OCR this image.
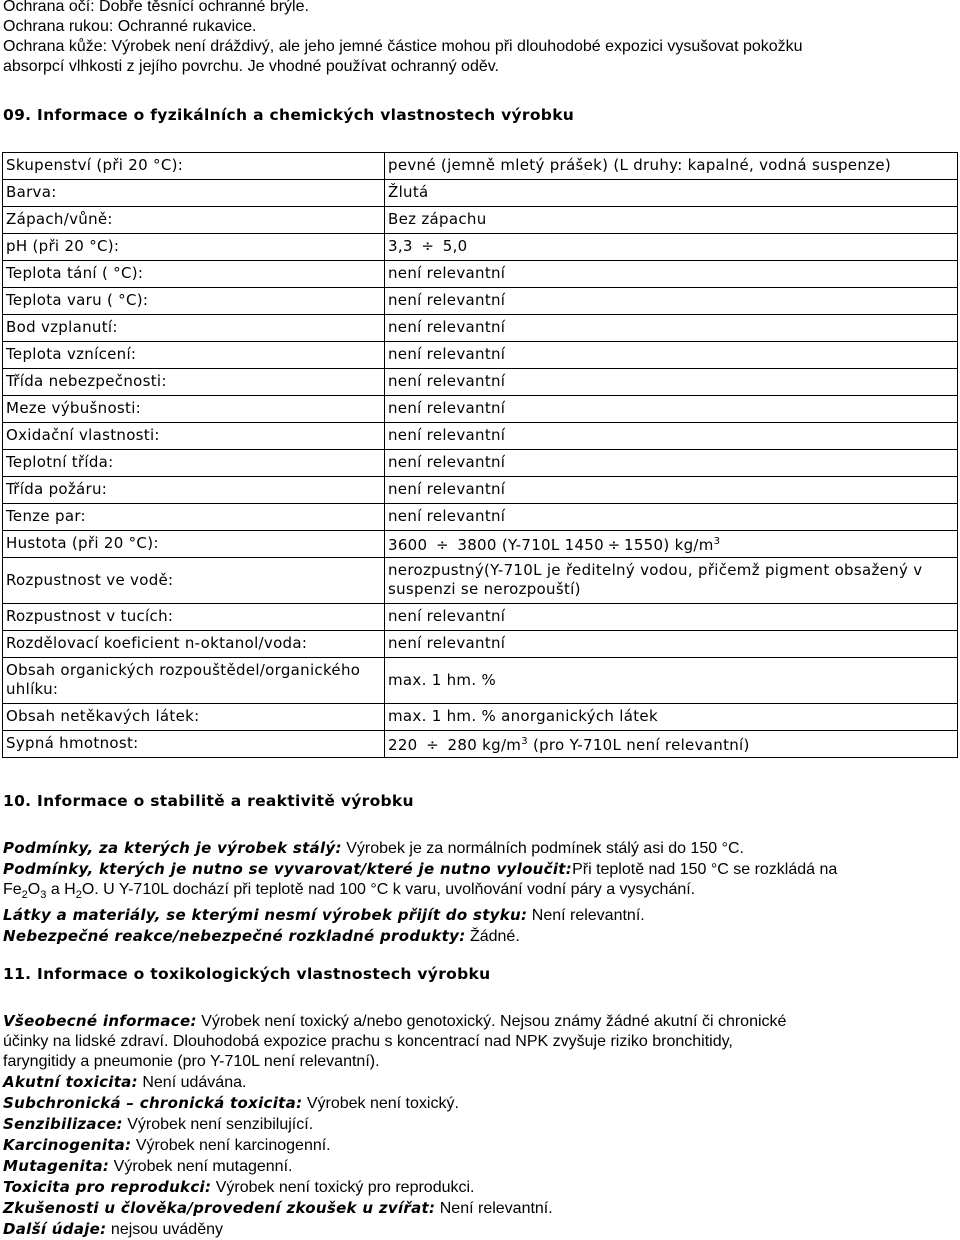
Ochrana očí: Dobře těsnící ochranné brýle.

Ochrana rukou: Ochranné rukavice.

Ochrana kůže: Výrobek není dráždivý, ale jeho jemné částice mohou při dlouhodobé expozici vysušovat pokožku

absorpcí vlhkosti z jejího povrchu. Je vhodné používat ochranný oděv.

09. Informace o fyzikálních a chemických vlastnostech výrobku
Skupenství (při 20 °C):	pevné (jemně mletý prášek) (L druhy: kapalné, vodná suspenze)
Barva:	Žlutá
Zápach/vůně:	Bez zápachu
pH (při 20 °C):	3,3 ÷ 5,0
Teplota tání ( °C):	není relevantní
Teplota varu ( °C):	není relevantní
Bod vzplanutí:	není relevantní
Teplota vznícení:	není relevantní
Třída nebezpečnosti:	není relevantní
Meze výbušnosti:	není relevantní
Oxidační vlastnosti:	není relevantní
Teplotní třída:	není relevantní
Třída požáru:	není relevantní
Tenze par:	není relevantní
Hustota (při 20 °C):	3600 ÷ 3800 (Y-710L 1450 ÷ 1550) $kg/m^3$
Rozpustnost ve vodě:	nerozpustný(Y-710L je ředitelný vodou, přičemž pigment obsažený v suspenzi se nerozpouští)
Rozpustnost v tucích:	není relevantní
Rozdělovací koeficient n-oktanol/voda:	není relevantní
Obsah organických rozpouštědel/organického uhlíku:	max. 1 hm. %
Obsah netěkavých látek:	max. 1 hm. % anorganických látek
Sypná hmotnost:	220 ÷ 280 $kg/m^3$ (pro Y-710L není relevantní)
10. Informace o stabilitě a reaktivitě výrobku

Podmínky, za kterých je výrobek stálý: Výrobek je za normálních podmínek stálý asi do 150 °C.

Podmínky, kterých je nutno se vyvarovat/které je nutno vyloučit:Při teplotě nad 150 °C se rozkládá na

$Fe_2O_3$ a $H_2O$. U Y-710L dochází při teplotě nad 100 °C k varu, uvolňování vodní páry a vysychání.

Látky a materiály, se kterými nesmí výrobek přijít do styku: Není relevantní.

Nebezpečné reakce/nebezpečné rozkladné produkty: Žádné.

11. Informace o toxikologických vlastnostech výrobku

Všeobecné informace: Výrobek není toxický a/nebo genotoxický. Nejsou známy žádné akutní či chronické

účinky na lidské zdraví. Dlouhodobá expozice prachu s koncentrací nad NPK zvyšuje riziko bronchitidy,

faryngitidy a pneumonie (pro Y-710L není relevantní).

Akutní toxicita: Není udávána.

Subchronická – chronická toxicita: Výrobek není toxický.

Senzibilizace: Výrobek není senzibilující.

Karcinogenita: Výrobek není karcinogenní.

Mutagenita: Výrobek není mutagenní.

Toxicita pro reprodukci: Výrobek není toxický pro reprodukci.

Zkušenosti u člověka/provedení zkoušek u zvířat: Není relevantní.

Další údaje: nejsou uváděny
